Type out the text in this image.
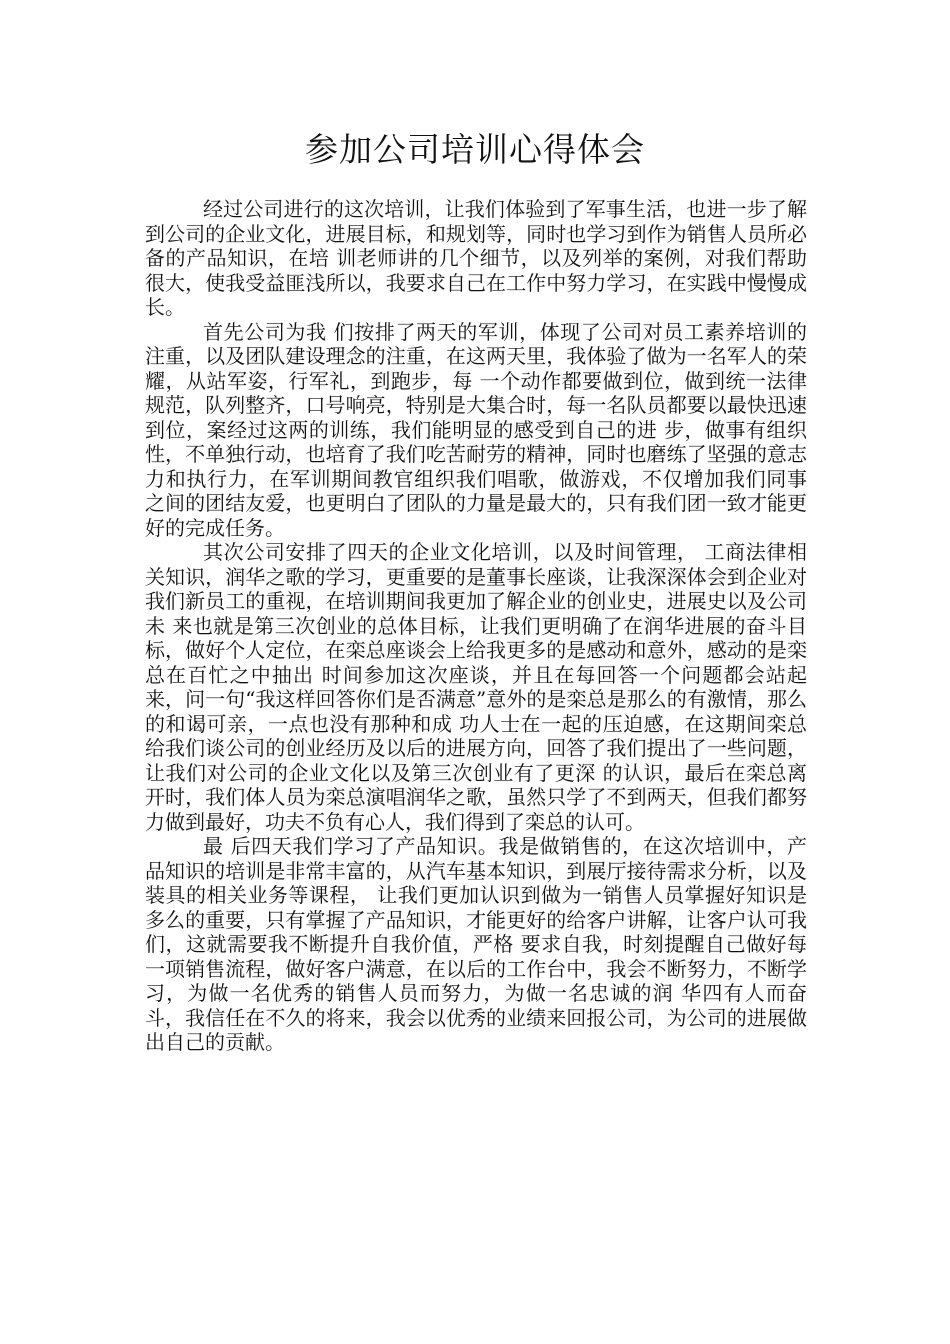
参加公司培训心得体会

经过公司进行的这次培训，让我们体验到了军事生活，也进一步了解到公司的企业文化，进展目标，和规划等，同时也学习到作为销售人员所必备的产品知识，在培 训老师讲的几个细节，以及列举的案例，对我们帮助很大，使我受益匪浅所以，我要求自己在工作中努力学习，在实践中慢慢成长。

首先公司为我 们按排了两天的军训，体现了公司对员工素养培训的注重，以及团队建设理念的注重，在这两天里，我体验了做为一名军人的荣耀，从站军姿，行军礼，到跑步，每 一个动作都要做到位，做到统一法律规范，队列整齐，口号响亮，特别是大集合时，每一名队员都要以最快迅速到位，案经过这两的训练，我们能明显的感受到自己的进 步，做事有组织性，不单独行动，也培育了我们吃苦耐劳的精神，同时也磨练了坚强的意志力和执行力，在军训期间教官组织我们唱歌，做游戏，不仅增加我们同事 之间的团结友爱，也更明白了团队的力量是最大的，只有我们团一致才能更好的完成任务。

其次公司安排了四天的企业文化培训，以及时间管理， 工商法律相关知识，润华之歌的学习，更重要的是董事长座谈，让我深深体会到企业对我们新员工的重视，在培训期间我更加了解企业的创业史，进展史以及公司未 来也就是第三次创业的总体目标，让我们更明确了在润华进展的奋斗目标，做好个人定位，在栾总座谈会上给我更多的是感动和意外，感动的是栾总在百忙之中抽出 时间参加这次座谈，并且在每回答一个问题都会站起来，问一句“我这样回答你们是否满意”意外的是栾总是那么的有激情，那么的和谒可亲，一点也没有那种和成 功人士在一起的压迫感，在这期间栾总给我们谈公司的创业经历及以后的进展方向，回答了我们提出了一些问题，让我们对公司的企业文化以及第三次创业有了更深 的认识，最后在栾总离开时，我们体人员为栾总演唱润华之歌，虽然只学了不到两天，但我们都努力做到最好，功夫不负有心人，我们得到了栾总的认可。

最 后四天我们学习了产品知识。我是做销售的，在这次培训中，产品知识的培训是非常丰富的，从汽车基本知识，到展厅接待需求分析，以及装具的相关业务等课程， 让我们更加认识到做为一销售人员掌握好知识是多么的重要，只有掌握了产品知识，才能更好的给客户讲解，让客户认可我们，这就需要我不断提升自我价值，严格 要求自我，时刻提醒自己做好每一项销售流程，做好客户满意，在以后的工作台中，我会不断努力，不断学习，为做一名优秀的销售人员而努力，为做一名忠诚的润 华四有人而奋斗，我信任在不久的将来，我会以优秀的业绩来回报公司，为公司的进展做出自己的贡献。
